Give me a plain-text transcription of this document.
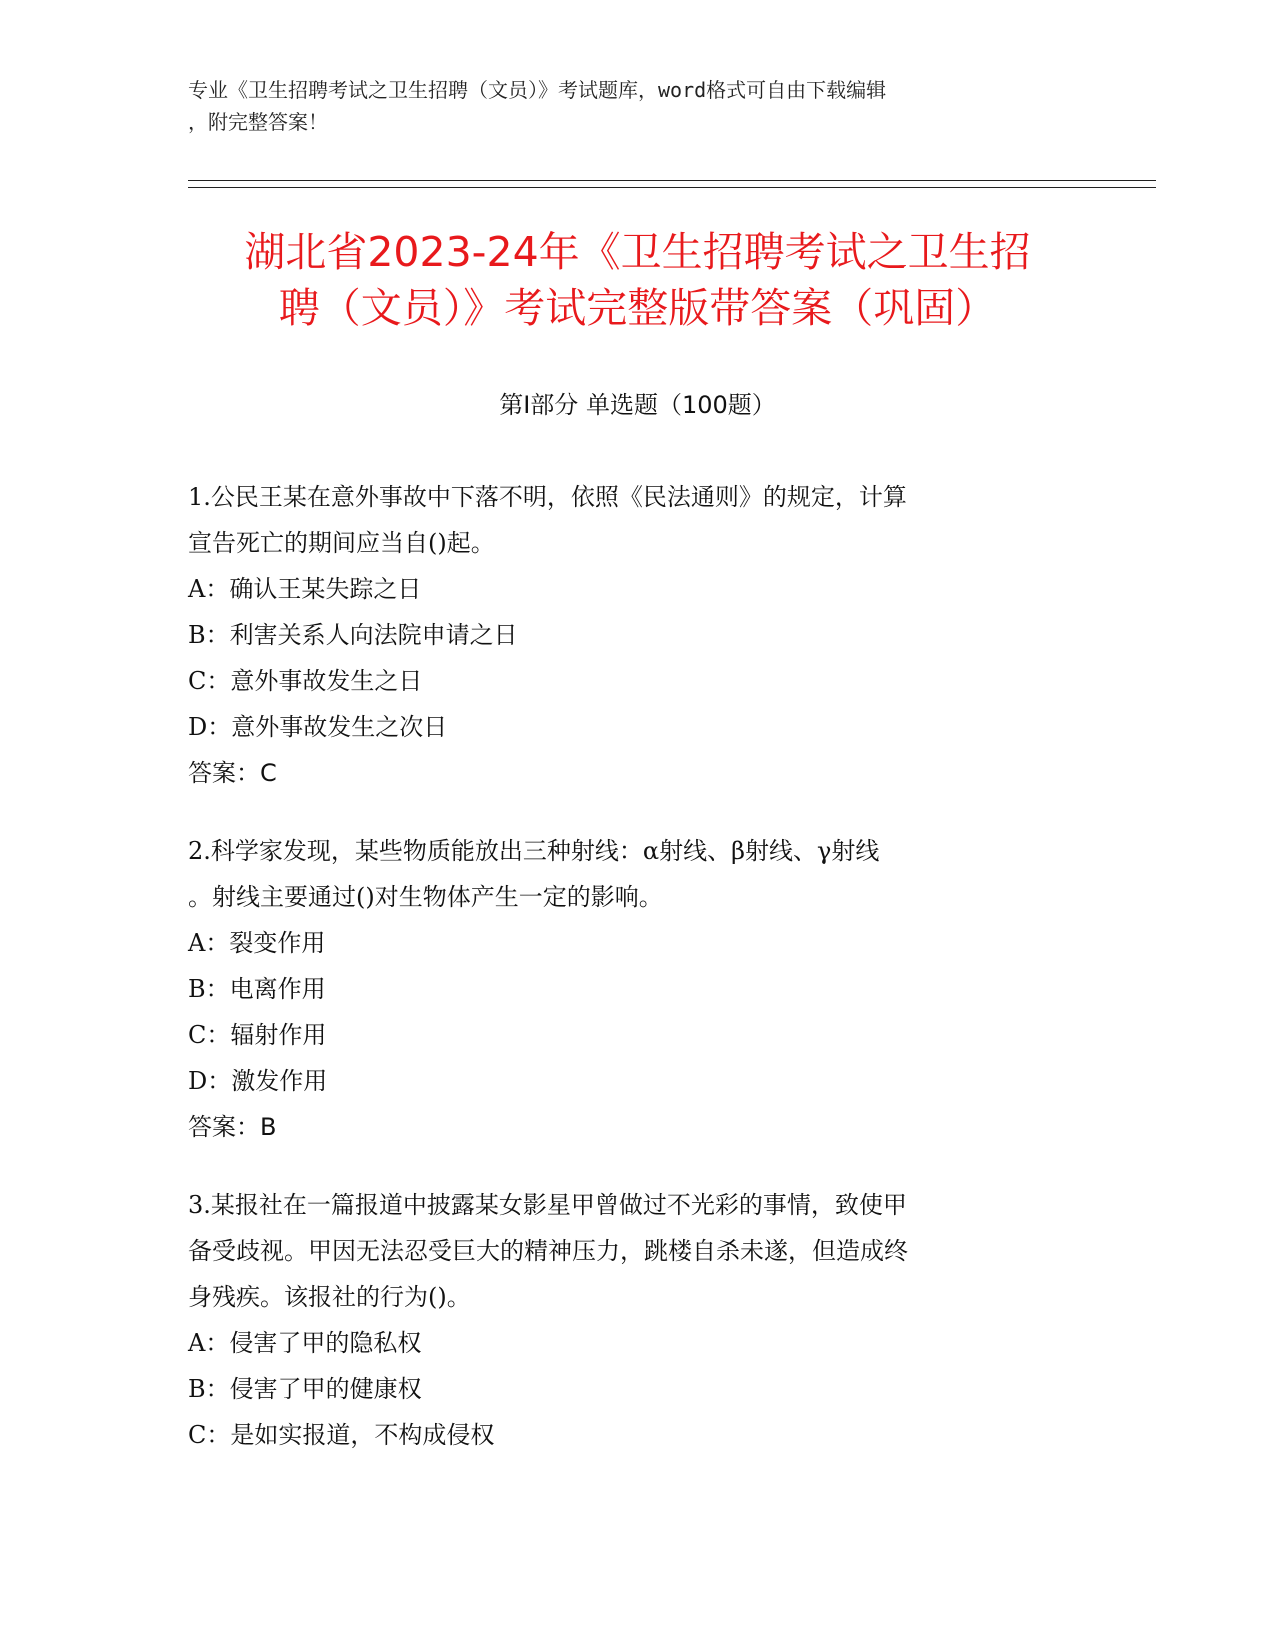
专业《卫生招聘考试之卫生招聘（文员）》考试题库，word格式可自由下载编辑
，附完整答案！
湖北省2023-24年《卫生招聘考试之卫生招
聘（文员）》考试完整版带答案（巩固）
第I部分 单选题（100题）
1.公民王某在意外事故中下落不明，依照《民法通则》的规定，计算
宣告死亡的期间应当自()起。
A：确认王某失踪之日
B：利害关系人向法院申请之日
C：意外事故发生之日
D：意外事故发生之次日
答案：C
2.科学家发现，某些物质能放出三种射线：α射线、β射线、γ射线
。射线主要通过()对生物体产生一定的影响。
A：裂变作用
B：电离作用
C：辐射作用
D：激发作用
答案：B
3.某报社在一篇报道中披露某女影星甲曾做过不光彩的事情，致使甲
备受歧视。甲因无法忍受巨大的精神压力，跳楼自杀未遂，但造成终
身残疾。该报社的行为()。
A：侵害了甲的隐私权
B：侵害了甲的健康权
C：是如实报道，不构成侵权
